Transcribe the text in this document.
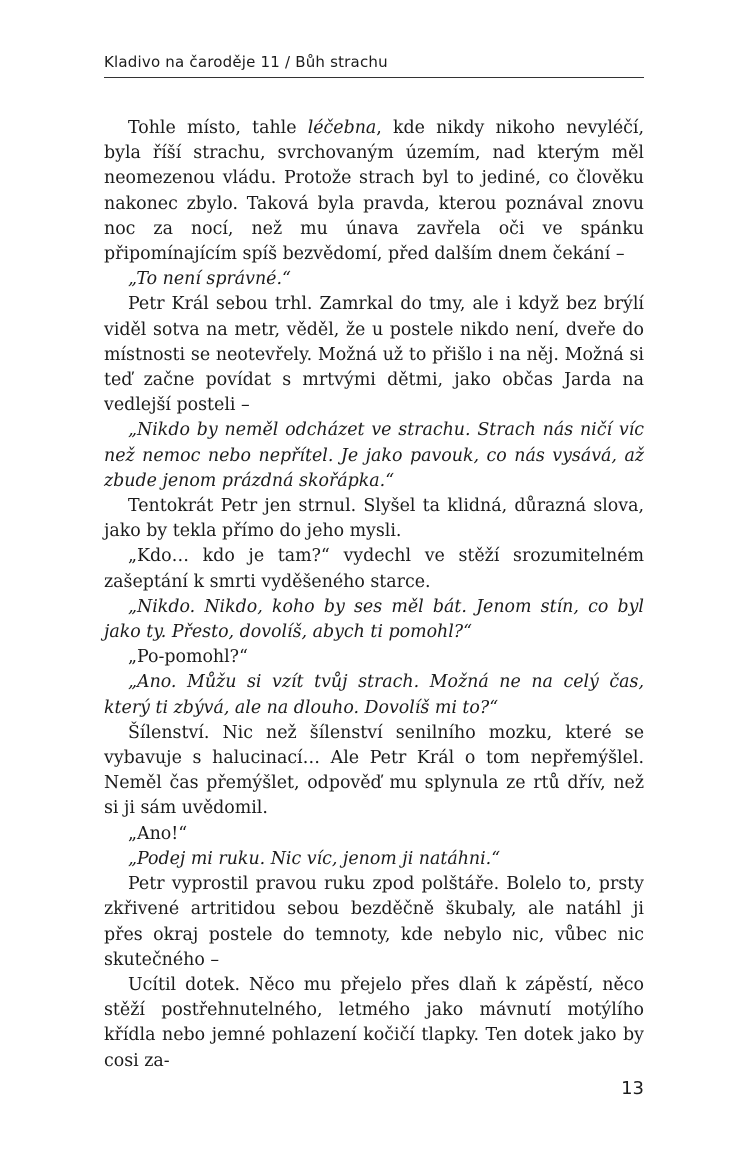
Kladivo na čaroděje 11 / Bůh strachu

Tohle místo, tahle léčebna, kde nikdy nikoho nevyléčí, byla říší strachu, svrchovaným územím, nad kterým měl neomezenou vládu. Protože strach byl to jediné, co člověku nakonec zbylo. Taková byla pravda, kterou poznával znovu noc za nocí, než mu únava zavřela oči ve spánku připomínajícím spíš bezvědomí, před dalším dnem čekání –

„To není správné.“

Petr Král sebou trhl. Zamrkal do tmy, ale i když bez brýlí viděl sotva na metr, věděl, že u postele nikdo není, dveře do místnosti se neotevřely. Možná už to přišlo i na něj. Možná si teď začne povídat s mrtvými dětmi, jako občas Jarda na vedlejší posteli –

„Nikdo by neměl odcházet ve strachu. Strach nás ničí víc než nemoc nebo nepřítel. Je jako pavouk, co nás vysává, až zbude jenom prázdná skořápka.“

Tentokrát Petr jen strnul. Slyšel ta klidná, důrazná slova, jako by tekla přímo do jeho mysli.

„Kdo… kdo je tam?“ vydechl ve stěží srozumitelném zašeptání k smrti vyděšeného starce.

„Nikdo. Nikdo, koho by ses měl bát. Jenom stín, co byl jako ty. Přesto, dovolíš, abych ti pomohl?“

„Po-pomohl?“

„Ano. Můžu si vzít tvůj strach. Možná ne na celý čas, který ti zbývá, ale na dlouho. Dovolíš mi to?“

Šílenství. Nic než šílenství senilního mozku, které se vybavuje s halucinací… Ale Petr Král o tom nepřemýšlel. Neměl čas přemýšlet, odpověď mu splynula ze rtů dřív, než si ji sám uvědomil.

„Ano!“

„Podej mi ruku. Nic víc, jenom ji natáhni.“

Petr vyprostil pravou ruku zpod polštáře. Bolelo to, prsty zkřivené artritidou sebou bezděčně škubaly, ale natáhl ji přes okraj postele do temnoty, kde nebylo nic, vůbec nic skutečného –

Ucítil dotek. Něco mu přejelo přes dlaň k zápěstí, něco stěží postřehnutelného, letmého jako mávnutí motýlího křídla nebo jemné pohlazení kočičí tlapky. Ten dotek jako by cosi za-

13
